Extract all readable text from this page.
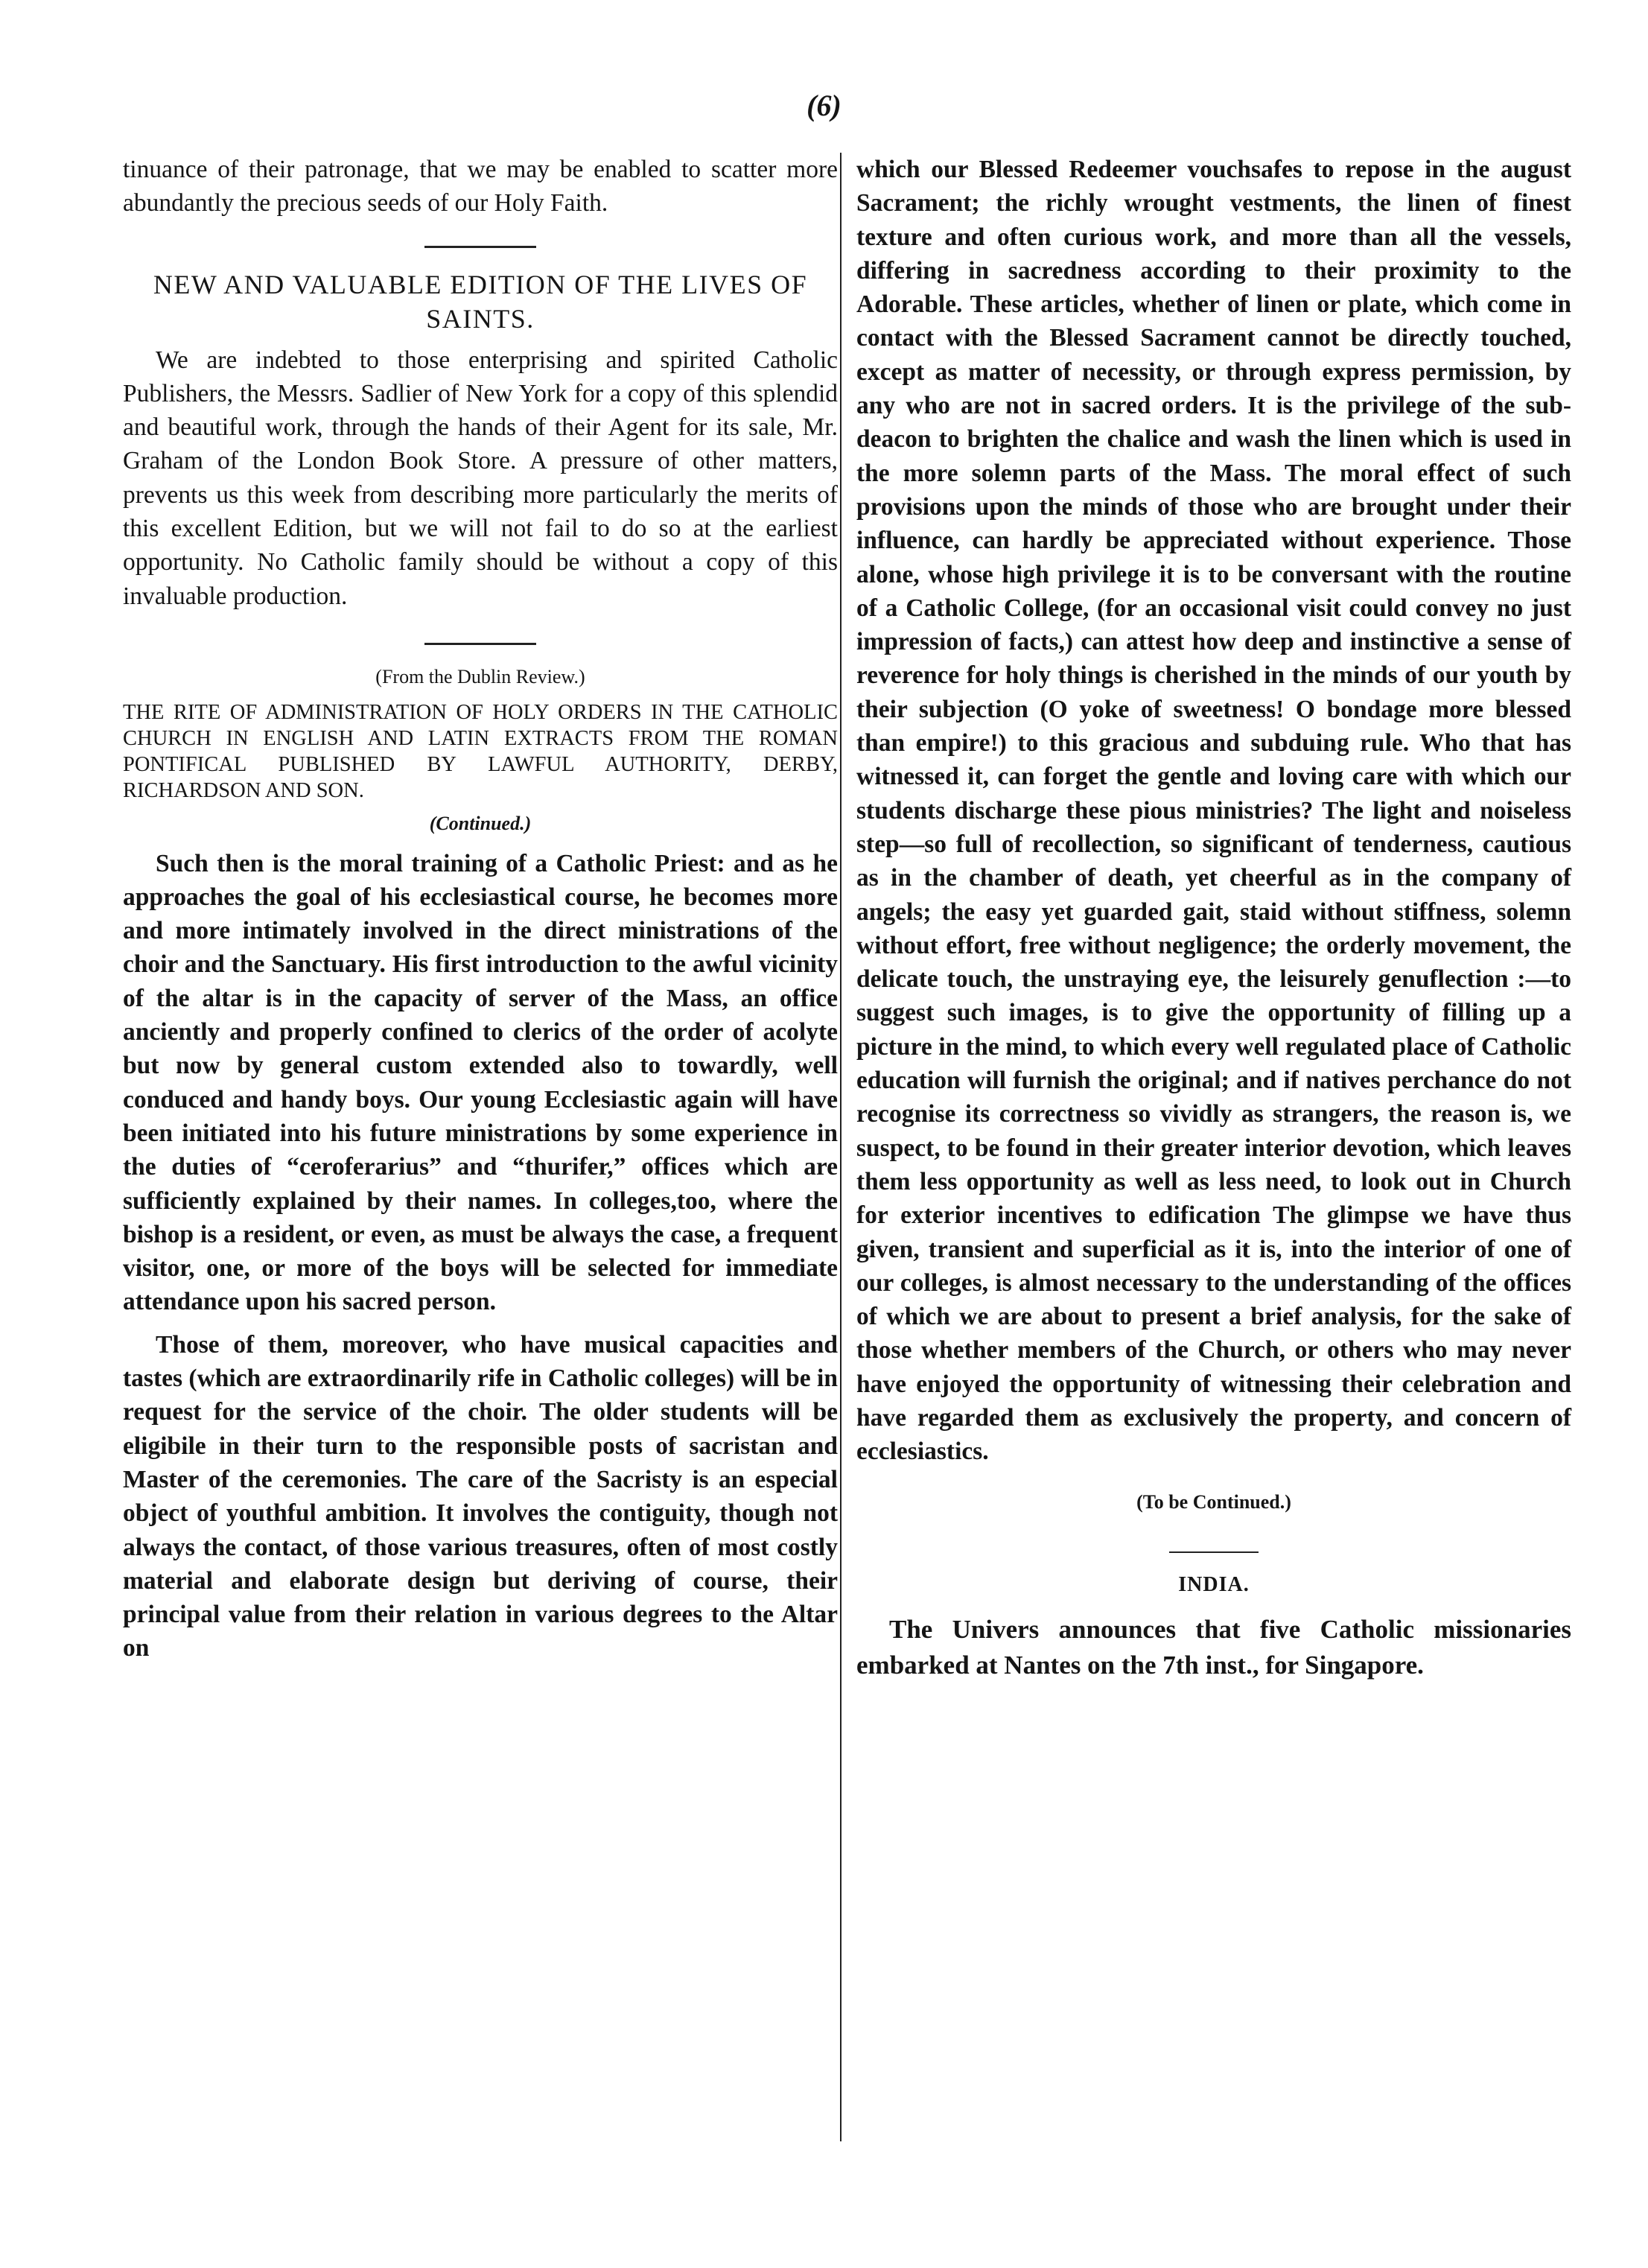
(6)

tinuance of their patronage, that we may be enabled to scatter more abundantly the precious seeds of our Holy Faith.

NEW AND VALUABLE EDITION OF THE LIVES OF SAINTS.

We are indebted to those enterprising and spirited Catholic Publishers, the Messrs. Sadlier of New York for a copy of this splendid and beautiful work, through the hands of their Agent for its sale, Mr. Graham of the London Book Store. A pressure of other matters, prevents us this week from describing more particularly the merits of this excellent Edition, but we will not fail to do so at the earliest opportunity. No Catholic family should be without a copy of this invaluable production.

(From the Dublin Review.)
THE RITE OF ADMINISTRATION OF HOLY ORDERS IN THE CATHOLIC CHURCH IN ENGLISH AND LATIN EXTRACTS FROM THE ROMAN PONTIFICAL PUBLISHED BY LAWFUL AUTHORITY, DERBY, RICHARDSON AND SON.
(Continued.)

Such then is the moral training of a Catholic Priest: and as he approaches the goal of his ecclesiastical course, he becomes more and more intimately involved in the direct ministrations of the choir and the Sanctuary. His first introduction to the awful vicinity of the altar is in the capacity of server of the Mass, an office anciently and properly confined to clerics of the order of acolyte but now by general custom extended also to towardly, well conduced and handy boys. Our young Ecclesiastic again will have been initiated into his future ministrations by some experience in the duties of “ceroferarius” and “thurifer,” offices which are sufficiently explained by their names. In colleges,too, where the bishop is a resident, or even, as must be always the case, a frequent visitor, one, or more of the boys will be selected for immediate attendance upon his sacred person.

Those of them, moreover, who have musical capacities and tastes (which are extraordinarily rife in Catholic colleges) will be in request for the service of the choir. The older students will be eligibile in their turn to the responsible posts of sacristan and Master of the ceremonies. The care of the Sacristy is an especial object of youthful ambition. It involves the contiguity, though not always the contact, of those various treasures, often of most costly material and elaborate design but deriving of course, their principal value from their relation in various degrees to the Altar on

which our Blessed Redeemer vouchsafes to repose in the august Sacrament; the richly wrought vestments, the linen of finest texture and often curious work, and more than all the vessels, differing in sacredness according to their proximity to the Adorable. These articles, whether of linen or plate, which come in contact with the Blessed Sacrament cannot be directly touched, except as matter of necessity, or through express permission, by any who are not in sacred orders. It is the privilege of the sub-deacon to brighten the chalice and wash the linen which is used in the more solemn parts of the Mass. The moral effect of such provisions upon the minds of those who are brought under their influence, can hardly be appreciated without experience. Those alone, whose high privilege it is to be conversant with the routine of a Catholic College, (for an occasional visit could convey no just impression of facts,) can attest how deep and instinctive a sense of reverence for holy things is cherished in the minds of our youth by their subjection (O yoke of sweetness! O bondage more blessed than empire!) to this gracious and subduing rule. Who that has witnessed it, can forget the gentle and loving care with which our students discharge these pious ministries? The light and noiseless step—so full of recollection, so significant of tenderness, cautious as in the chamber of death, yet cheerful as in the company of angels; the easy yet guarded gait, staid without stiffness, solemn without effort, free without negligence; the orderly movement, the delicate touch, the unstraying eye, the leisurely genuflection :—to suggest such images, is to give the opportunity of filling up a picture in the mind, to which every well regulated place of Catholic education will furnish the original; and if natives perchance do not recognise its correctness so vividly as strangers, the reason is, we suspect, to be found in their greater interior devotion, which leaves them less opportunity as well as less need, to look out in Church for exterior incentives to edification The glimpse we have thus given, transient and superficial as it is, into the interior of one of our colleges, is almost necessary to the understanding of the offices of which we are about to present a brief analysis, for the sake of those whether members of the Church, or others who may never have enjoyed the opportunity of witnessing their celebration and have regarded them as exclusively the property, and concern of ecclesiastics.

(To be Continued.)
INDIA.

The Univers announces that five Catholic missionaries embarked at Nantes on the 7th inst., for Singapore.
